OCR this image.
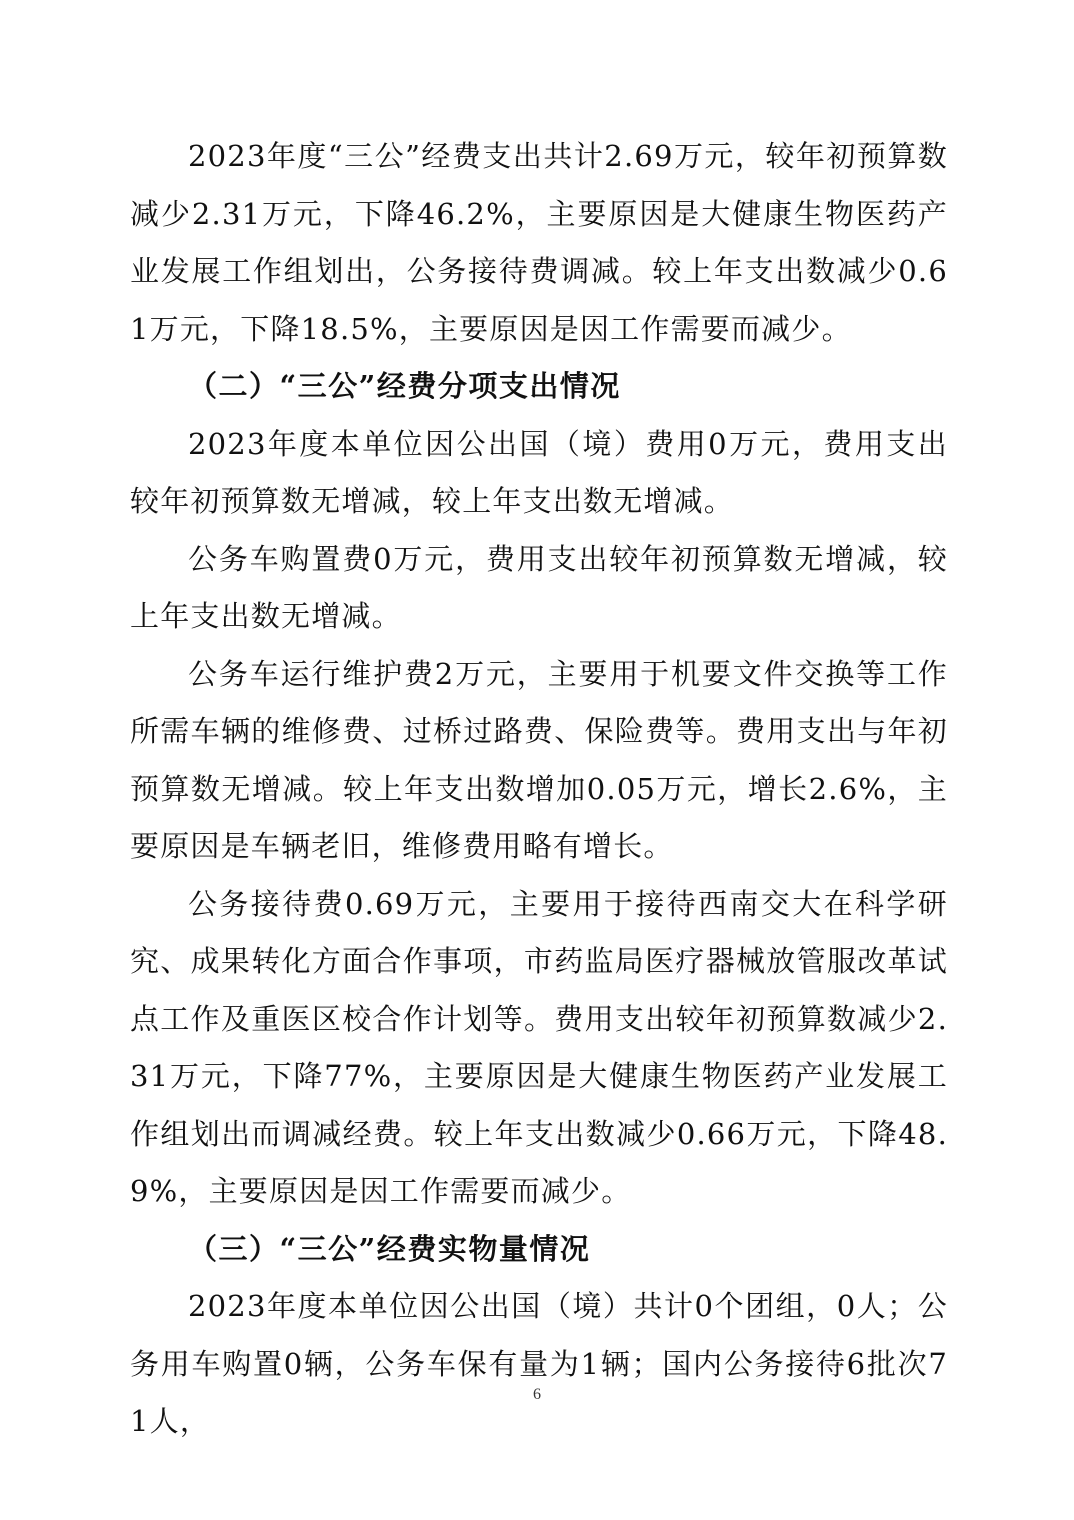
2023年度“三公”经费支出共计2.69万元，较年初预算数减少2.31万元，下降46.2%，主要原因是大健康生物医药产业发展工作组划出，公务接待费调减。较上年支出数减少0.61万元，下降18.5%，主要原因是因工作需要而减少。

（二）“三公”经费分项支出情况

2023年度本单位因公出国（境）费用0万元，费用支出较年初预算数无增减，较上年支出数无增减。

公务车购置费0万元，费用支出较年初预算数无增减，较上年支出数无增减。

公务车运行维护费2万元，主要用于机要文件交换等工作所需车辆的维修费、过桥过路费、保险费等。费用支出与年初预算数无增减。较上年支出数增加0.05万元，增长2.6%，主要原因是车辆老旧，维修费用略有增长。

公务接待费0.69万元，主要用于接待西南交大在科学研究、成果转化方面合作事项，市药监局医疗器械放管服改革试点工作及重医区校合作计划等。费用支出较年初预算数减少2.31万元，下降77%，主要原因是大健康生物医药产业发展工作组划出而调减经费。较上年支出数减少0.66万元，下降48.9%，主要原因是因工作需要而减少。

（三）“三公”经费实物量情况

2023年度本单位因公出国（境）共计0个团组，0人；公务用车购置0辆，公务车保有量为1辆；国内公务接待6批次71人，

6
